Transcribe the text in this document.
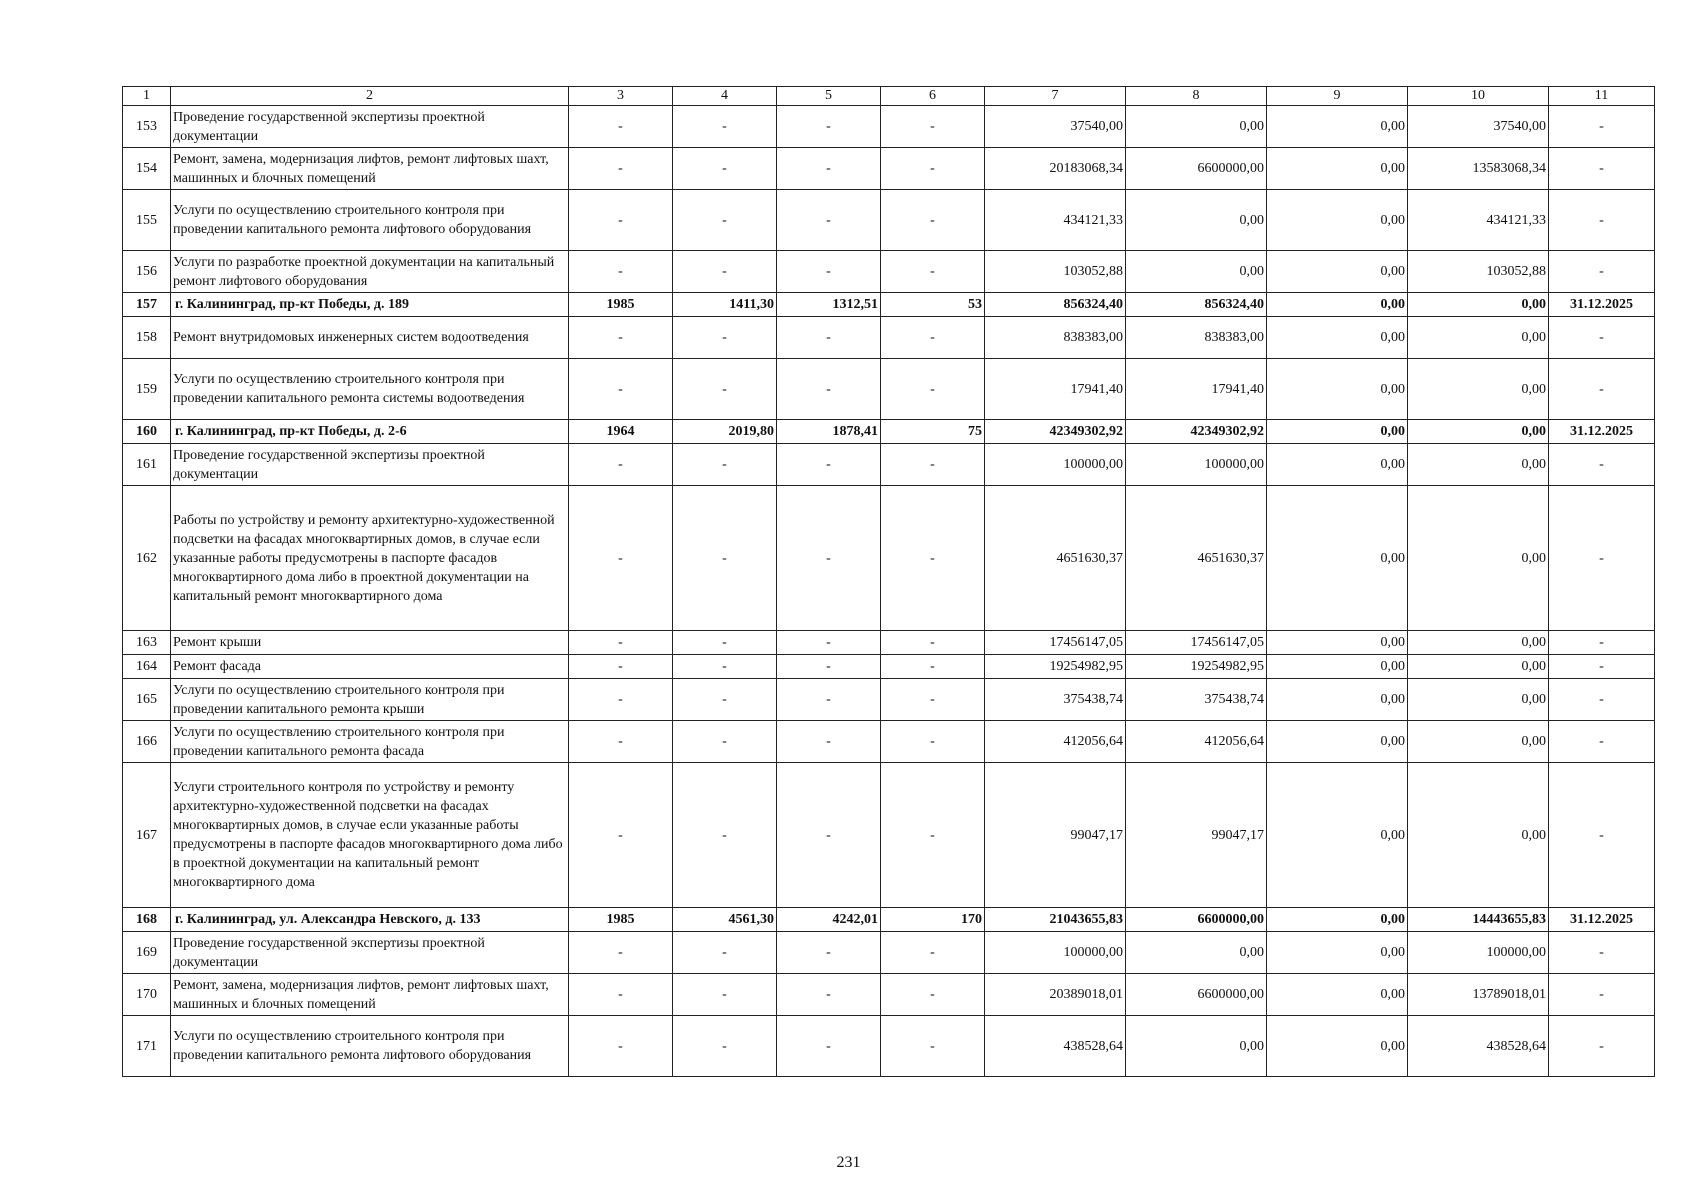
1	2	3	4	5	6	7	8	9	10	11
153	Проведение государственной экспертизы проектной документации	-	-	-	-	37540,00	0,00	0,00	37540,00	-
154	Ремонт, замена, модернизация лифтов, ремонт лифтовых шахт, машинных и блочных помещений	-	-	-	-	20183068,34	6600000,00	0,00	13583068,34	-
155	Услуги по осуществлению строительного контроля при проведении капитального ремонта лифтового оборудования	-	-	-	-	434121,33	0,00	0,00	434121,33	-
156	Услуги по разработке проектной документации на капитальный ремонт лифтового оборудования	-	-	-	-	103052,88	0,00	0,00	103052,88	-
157	г. Калининград, пр-кт Победы, д. 189	1985	1411,30	1312,51	53	856324,40	856324,40	0,00	0,00	31.12.2025
158	Ремонт внутридомовых инженерных систем водоотведения	-	-	-	-	838383,00	838383,00	0,00	0,00	-
159	Услуги по осуществлению строительного контроля при проведении капитального ремонта системы водоотведения	-	-	-	-	17941,40	17941,40	0,00	0,00	-
160	г. Калининград, пр-кт Победы, д. 2-6	1964	2019,80	1878,41	75	42349302,92	42349302,92	0,00	0,00	31.12.2025
161	Проведение государственной экспертизы проектной документации	-	-	-	-	100000,00	100000,00	0,00	0,00	-
162	Работы по устройству и ремонту архитектурно-художественной подсветки на фасадах многоквартирных домов, в случае если указанные работы предусмотрены в паспорте фасадов многоквартирного дома либо в проектной документации на капитальный ремонт многоквартирного дома	-	-	-	-	4651630,37	4651630,37	0,00	0,00	-
163	Ремонт крыши	-	-	-	-	17456147,05	17456147,05	0,00	0,00	-
164	Ремонт фасада	-	-	-	-	19254982,95	19254982,95	0,00	0,00	-
165	Услуги по осуществлению строительного контроля при проведении капитального ремонта крыши	-	-	-	-	375438,74	375438,74	0,00	0,00	-
166	Услуги по осуществлению строительного контроля при проведении капитального ремонта фасада	-	-	-	-	412056,64	412056,64	0,00	0,00	-
167	Услуги строительного контроля по устройству и ремонту архитектурно-художественной подсветки на фасадах многоквартирных домов, в случае если указанные работы предусмотрены в паспорте фасадов многоквартирного дома либо в проектной документации на капитальный ремонт многоквартирного дома	-	-	-	-	99047,17	99047,17	0,00	0,00	-
168	г. Калининград, ул. Александра Невского, д. 133	1985	4561,30	4242,01	170	21043655,83	6600000,00	0,00	14443655,83	31.12.2025
169	Проведение государственной экспертизы проектной документации	-	-	-	-	100000,00	0,00	0,00	100000,00	-
170	Ремонт, замена, модернизация лифтов, ремонт лифтовых шахт, машинных и блочных помещений	-	-	-	-	20389018,01	6600000,00	0,00	13789018,01	-
171	Услуги по осуществлению строительного контроля при проведении капитального ремонта лифтового оборудования	-	-	-	-	438528,64	0,00	0,00	438528,64	-
231
